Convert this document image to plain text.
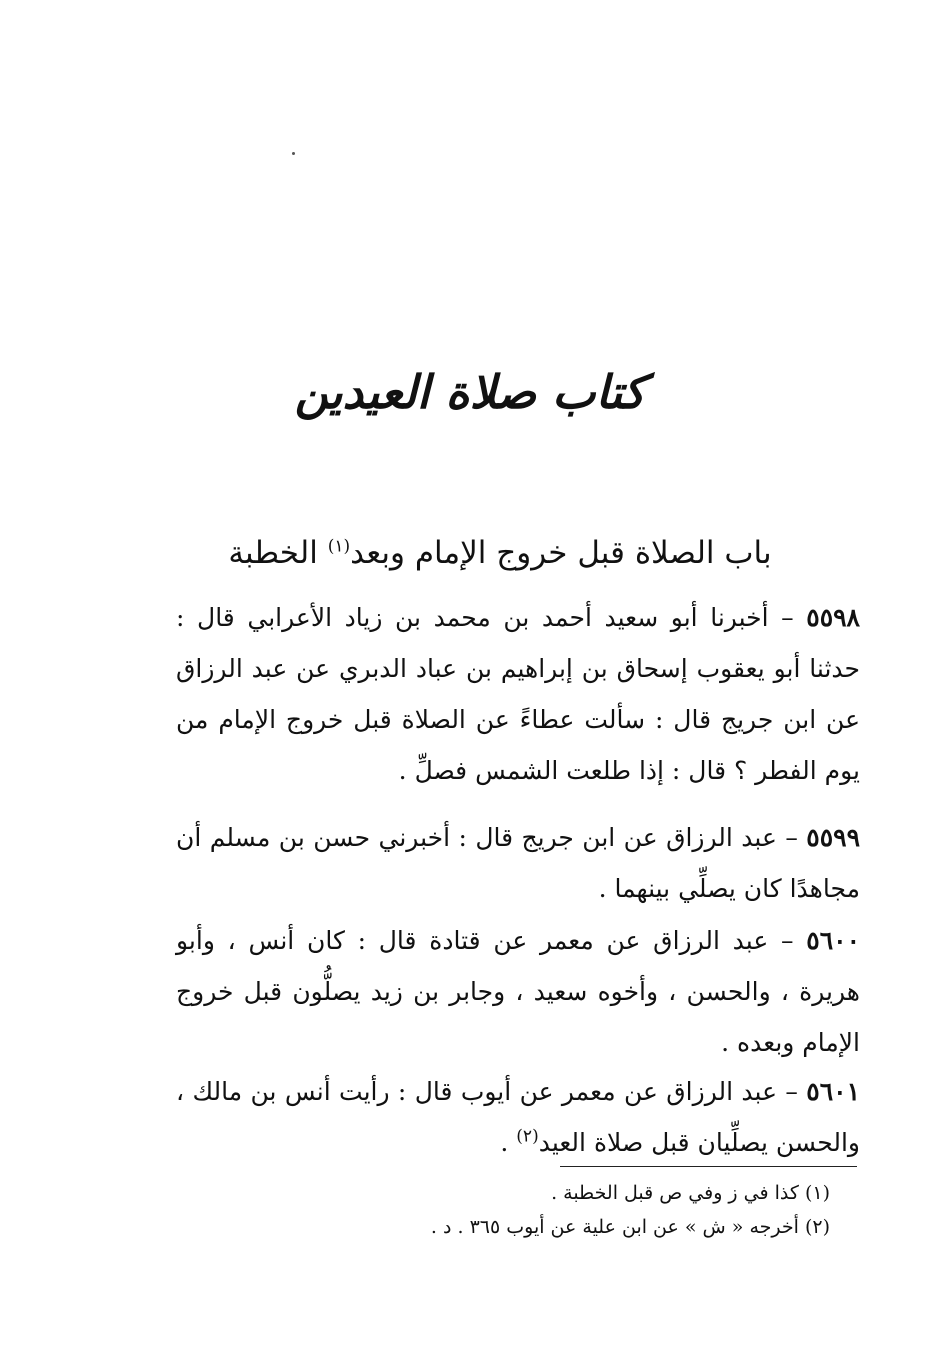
كتاب صلاة العيدين
باب الصلاة قبل خروج الإمام وبعد$^{(١)}$ الخطبة
٥٥٩٨ – أخبرنا أبو سعيد أحمد بن محمد بن زياد الأعرابي قال : حدثنا أبو يعقوب إسحاق بن إبراهيم بن عباد الدبري عن عبد الرزاق عن ابن جريج قال : سألت عطاءً عن الصلاة قبل خروج الإمام من يوم الفطر ؟ قال : إذا طلعت الشمس فصلِّ .
٥٥٩٩ – عبد الرزاق عن ابن جريج قال : أخبرني حسن بن مسلم أن مجاهدًا كان يصلِّي بينهما .
٥٦٠٠ – عبد الرزاق عن معمر عن قتادة قال : كان أنس ، وأبو هريرة ، والحسن ، وأخوه سعيد ، وجابر بن زيد يصلُّون قبل خروج الإمام وبعده .
٥٦٠١ – عبد الرزاق عن معمر عن أيوب قال : رأيت أنس بن مالك ، والحسن يصلِّيان قبل صلاة العيد$^{(٢)}$ .
(١) كذا في ز وفي ص قبل الخطبة .
(٢) أخرجه « ش » عن ابن علية عن أيوب ٣٦٥ . د .
